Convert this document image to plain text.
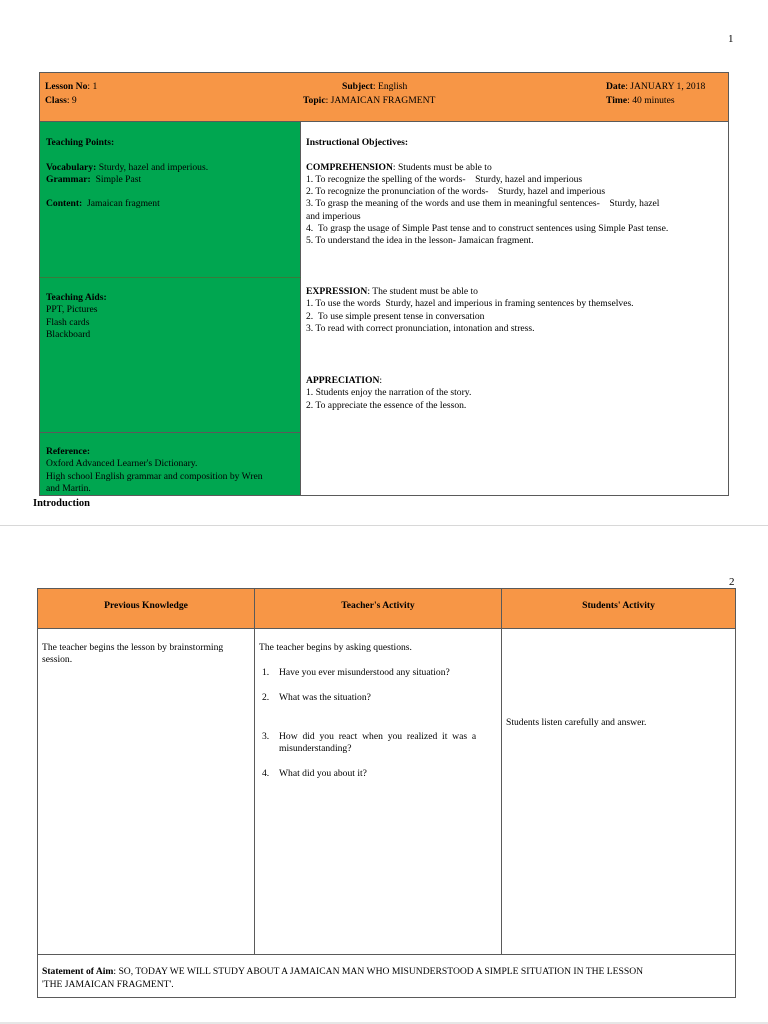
1
Lesson No: 1
Class: 9
Subject: English
Topic: JAMAICAN FRAGMENT
Date: JANUARY 1, 2018
Time: 40 minutes
Teaching Points:

Vocabulary: Sturdy, hazel and imperious.
Grammar:  Simple Past

Content:  Jamaican fragment
Teaching Aids:
PPT, Pictures
Flash cards
Blackboard
Reference:
Oxford Advanced Learner's Dictionary.
High school English grammar and composition by Wren
and Martin.
Instructional Objectives:

COMPREHENSION: Students must be able to
1. To recognize the spelling of the words-    Sturdy, hazel and imperious
2. To recognize the pronunciation of the words-    Sturdy, hazel and imperious
3. To grasp the meaning of the words and use them in meaningful sentences-    Sturdy, hazel
and imperious
4.  To grasp the usage of Simple Past tense and to construct sentences using Simple Past tense.
5. To understand the idea in the lesson- Jamaican fragment.
EXPRESSION: The student must be able to
1. To use the words  Sturdy, hazel and imperious in framing sentences by themselves.
2.  To use simple present tense in conversation
3. To read with correct pronunciation, intonation and stress.
APPRECIATION:
1. Students enjoy the narration of the story.
2. To appreciate the essence of the lesson.
Introduction
2
Previous Knowledge	Teacher's Activity	Students' Activity
The teacher begins the lesson by brainstorming
session.
The teacher begins by asking questions.
1. Have you ever misunderstood any situation?
2. What was the situation?
3. How  did  you  react  when  you  realized  it  was  a
misunderstanding?
4. What did you about it?
Students listen carefully and answer.
Statement of Aim: SO, TODAY WE WILL STUDY ABOUT A JAMAICAN MAN WHO MISUNDERSTOOD A SIMPLE SITUATION IN THE LESSON
'THE JAMAICAN FRAGMENT'.
